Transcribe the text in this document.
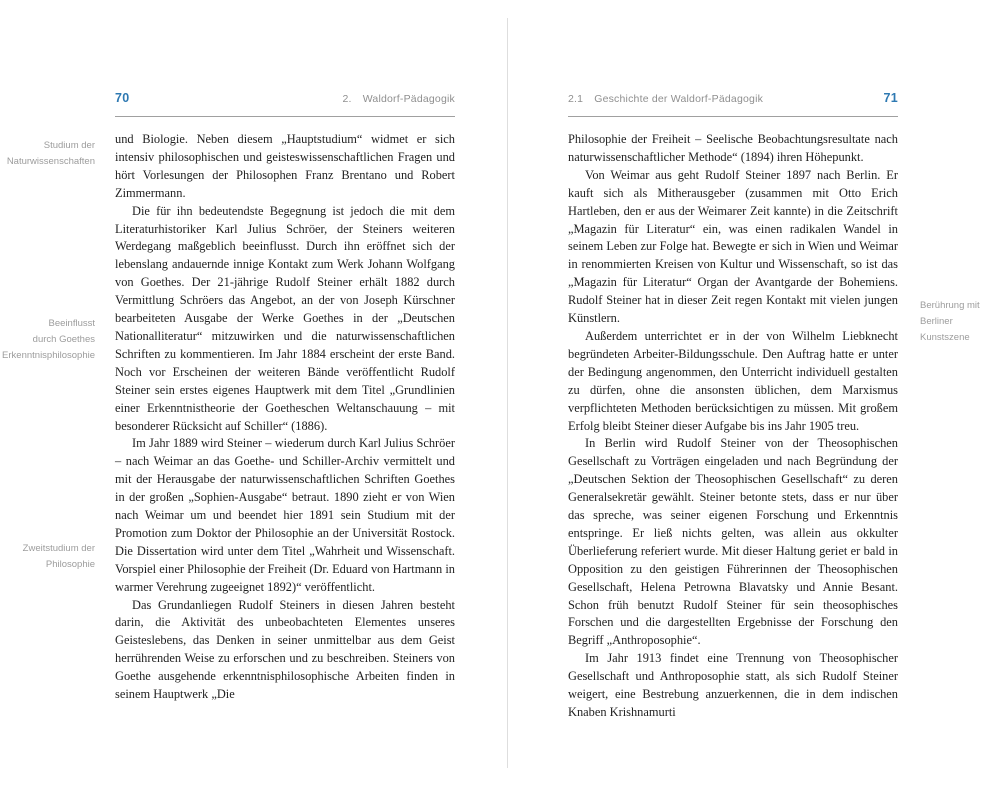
70	2. Waldorf-Pädagogik

und Biologie. Neben diesem „Hauptstudium“ widmet er sich intensiv philosophischen und geisteswissenschaftlichen Fragen und hört Vorlesungen der Philosophen Franz Brentano und Robert Zimmermann.

Die für ihn bedeutendste Begegnung ist jedoch die mit dem Literaturhistoriker Karl Julius Schröer, der Steiners weiteren Werdegang maßgeblich beeinflusst. Durch ihn eröffnet sich der lebenslang andauernde innige Kontakt zum Werk Johann Wolfgang von Goethes. Der 21-jährige Rudolf Steiner erhält 1882 durch Vermittlung Schröers das Angebot, an der von Joseph Kürschner bearbeiteten Ausgabe der Werke Goethes in der „Deutschen Nationalliteratur“ mitzuwirken und die naturwissenschaftlichen Schriften zu kommentieren. Im Jahr 1884 erscheint der erste Band. Noch vor Erscheinen der weiteren Bände veröffentlicht Rudolf Steiner sein erstes eigenes Hauptwerk mit dem Titel „Grundlinien einer Erkenntnistheorie der Goetheschen Weltanschauung – mit besonderer Rücksicht auf Schiller“ (1886).

Im Jahr 1889 wird Steiner – wiederum durch Karl Julius Schröer – nach Weimar an das Goethe- und Schiller-Archiv vermittelt und mit der Herausgabe der naturwissenschaftlichen Schriften Goethes in der großen „Sophien-Ausgabe“ betraut. 1890 zieht er von Wien nach Weimar um und beendet hier 1891 sein Studium mit der Promotion zum Doktor der Philosophie an der Universität Rostock. Die Dissertation wird unter dem Titel „Wahrheit und Wissenschaft. Vorspiel einer Philosophie der Freiheit (Dr. Eduard von Hartmann in warmer Verehrung zugeeignet 1892)“ veröffentlicht.

Das Grundanliegen Rudolf Steiners in diesen Jahren besteht darin, die Aktivität des unbeobachteten Elementes unseres Geisteslebens, das Denken in seiner unmittelbar aus dem Geist herrührenden Weise zu erforschen und zu beschreiben. Steiners von Goethe ausgehende erkenntnisphilosophische Arbeiten finden in seinem Hauptwerk „Die

Studium der
Naturwissenschaften
Beeinflusst
durch Goethes
Erkenntnisphilosophie
Zweitstudium der
Philosophie
2.1 Geschichte der Waldorf-Pädagogik	71

Philosophie der Freiheit – Seelische Beobachtungsresultate nach naturwissenschaftlicher Methode“ (1894) ihren Höhepunkt.

Von Weimar aus geht Rudolf Steiner 1897 nach Berlin. Er kauft sich als Mitherausgeber (zusammen mit Otto Erich Hartleben, den er aus der Weimarer Zeit kannte) in die Zeitschrift „Magazin für Literatur“ ein, was einen radikalen Wandel in seinem Leben zur Folge hat. Bewegte er sich in Wien und Weimar in renommierten Kreisen von Kultur und Wissenschaft, so ist das „Magazin für Literatur“ Organ der Avantgarde der Bohemiens. Rudolf Steiner hat in dieser Zeit regen Kontakt mit vielen jungen Künstlern.

Außerdem unterrichtet er in der von Wilhelm Liebknecht begründeten Arbeiter-Bildungsschule. Den Auftrag hatte er unter der Bedingung angenommen, den Unterricht individuell gestalten zu dürfen, ohne die ansonsten üblichen, dem Marxismus verpflichteten Methoden berücksichtigen zu müssen. Mit großem Erfolg bleibt Steiner dieser Aufgabe bis ins Jahr 1905 treu.

In Berlin wird Rudolf Steiner von der Theosophischen Gesellschaft zu Vorträgen eingeladen und nach Begründung der „Deutschen Sektion der Theosophischen Gesellschaft“ zu deren Generalsekretär gewählt. Steiner betonte stets, dass er nur über das spreche, was seiner eigenen Forschung und Erkenntnis entspringe. Er ließ nichts gelten, was allein aus okkulter Überlieferung referiert wurde. Mit dieser Haltung geriet er bald in Opposition zu den geistigen Führerinnen der Theosophischen Gesellschaft, Helena Petrowna Blavatsky und Annie Besant. Schon früh benutzt Rudolf Steiner für sein theosophisches Forschen und die dargestellten Ergebnisse der Forschung den Begriff „Anthroposophie“.

Im Jahr 1913 findet eine Trennung von Theosophischer Gesellschaft und Anthroposophie statt, als sich Rudolf Steiner weigert, eine Bestrebung anzuerkennen, die in dem indischen Knaben Krishnamurti

Berührung mit
Berliner Kunstszene
